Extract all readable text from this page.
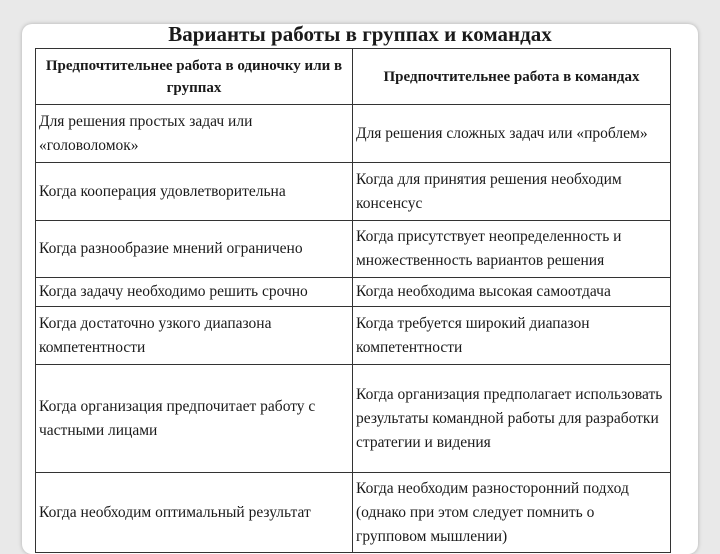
Варианты работы в группах и командах
Предпочтительнее работа в одиночку или в группах	Предпочтительнее работа в командах
Для решения простых задач или «головоломок»	Для решения сложных задач или «проблем»
Когда кооперация удовлетворительна	Когда для принятия решения необходим консенсус
Когда разнообразие мнений ограничено	Когда присутствует неопределенность и множественность вариантов решения
Когда задачу необходимо решить срочно	Когда необходима высокая самоотдача
Когда достаточно узкого диапазона компетентности	Когда требуется широкий диапазон компетентности
Когда организация предпочитает работу с частными лицами	Когда организация предполагает использовать результаты командной работы для разработки стратегии и видения
Когда необходим оптимальный результат	Когда необходим разносторонний подход (однако при этом следует помнить о групповом мышлении)
